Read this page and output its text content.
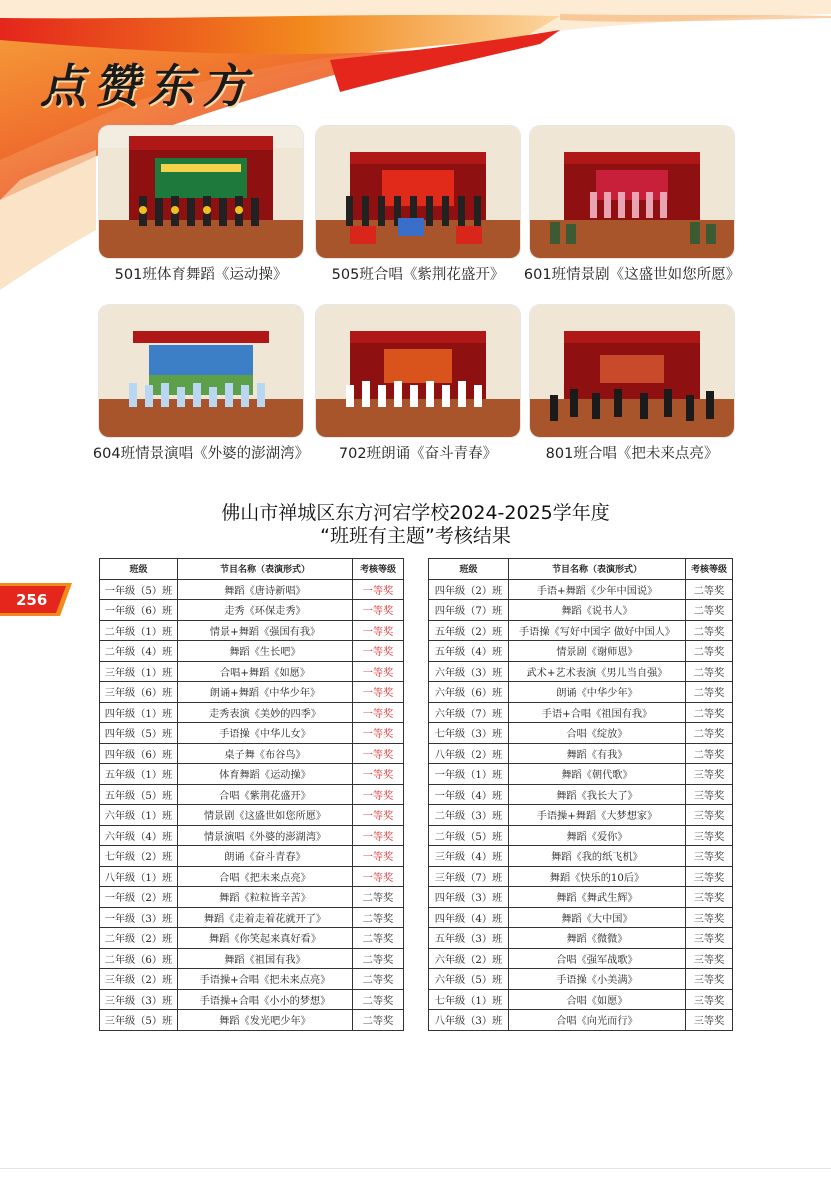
点赞东方
501班体育舞蹈《运动操》	505班合唱《紫荆花盛开》	601班情景剧《这盛世如您所愿》
604班情景演唱《外婆的澎湖湾》	702班朗诵《奋斗青春》	801班合唱《把未来点亮》
256
佛山市禅城区东方河宕学校2024-2025学年度
“班班有主题”考核结果
班级	节目名称（表演形式）	考核等级
一年级（5）班	舞蹈《唐诗新唱》	一等奖
一年级（6）班	走秀《环保走秀》	一等奖
二年级（1）班	情景+舞蹈《强国有我》	一等奖
二年级（4）班	舞蹈《生长吧》	一等奖
三年级（1）班	合唱+舞蹈《如愿》	一等奖
三年级（6）班	朗诵+舞蹈《中华少年》	一等奖
四年级（1）班	走秀表演《美妙的四季》	一等奖
四年级（5）班	手语操《中华儿女》	一等奖
四年级（6）班	桌子舞《布谷鸟》	一等奖
五年级（1）班	体育舞蹈《运动操》	一等奖
五年级（5）班	合唱《紫荆花盛开》	一等奖
六年级（1）班	情景剧《这盛世如您所愿》	一等奖
六年级（4）班	情景演唱《外婆的澎湖湾》	一等奖
七年级（2）班	朗诵《奋斗青春》	一等奖
八年级（1）班	合唱《把未来点亮》	一等奖
一年级（2）班	舞蹈《粒粒皆辛苦》	二等奖
一年级（3）班	舞蹈《走着走着花就开了》	二等奖
二年级（2）班	舞蹈《你笑起来真好看》	二等奖
二年级（6）班	舞蹈《祖国有我》	二等奖
三年级（2）班	手语操+合唱《把未来点亮》	二等奖
三年级（3）班	手语操+合唱《小小的梦想》	二等奖
三年级（5）班	舞蹈《发光吧少年》	二等奖
班级	节目名称（表演形式）	考核等级
四年级（2）班	手语+舞蹈《少年中国说》	二等奖
四年级（7）班	舞蹈《说书人》	二等奖
五年级（2）班	手语操《写好中国字 做好中国人》	二等奖
五年级（4）班	情景剧《谢师恩》	二等奖
六年级（3）班	武术+艺术表演《男儿当自强》	二等奖
六年级（6）班	朗诵《中华少年》	二等奖
六年级（7）班	手语+合唱《祖国有我》	二等奖
七年级（3）班	合唱《绽放》	二等奖
八年级（2）班	舞蹈《有我》	二等奖
一年级（1）班	舞蹈《朝代歌》	三等奖
一年级（4）班	舞蹈《我长大了》	三等奖
二年级（3）班	手语操+舞蹈《大梦想家》	三等奖
二年级（5）班	舞蹈《爱你》	三等奖
三年级（4）班	舞蹈《我的纸飞机》	三等奖
三年级（7）班	舞蹈《快乐的10后》	三等奖
四年级（3）班	舞蹈《舞武生辉》	三等奖
四年级（4）班	舞蹈《大中国》	三等奖
五年级（3）班	舞蹈《微微》	三等奖
六年级（2）班	合唱《强军战歌》	三等奖
六年级（5）班	手语操《小美满》	三等奖
七年级（1）班	合唱《如愿》	三等奖
八年级（3）班	合唱《向光而行》	三等奖
